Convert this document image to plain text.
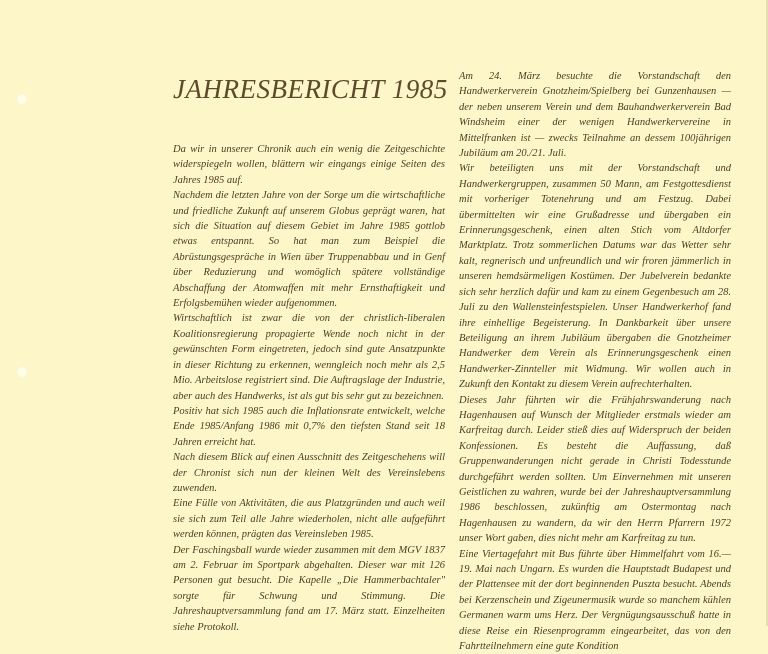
JAHRESBERICHT 1985

Da wir in unserer Chronik auch ein wenig die Zeitgeschichte widerspiegeln wollen, blättern wir eingangs einige Seiten des Jahres 1985 auf.

Nachdem die letzten Jahre von der Sorge um die wirtschaftliche und friedliche Zukunft auf unserem Globus geprägt waren, hat sich die Situation auf diesem Gebiet im Jahre 1985 gottlob etwas entspannt. So hat man zum Beispiel die Abrüstungsgespräche in Wien über Truppenabbau und in Genf über Reduzierung und womöglich spätere vollständige Abschaffung der Atomwaffen mit mehr Ernsthaftigkeit und Erfolgsbemühen wieder aufgenommen.

Wirtschaftlich ist zwar die von der christlich-liberalen Koalitionsregierung propagierte Wende noch nicht in der gewünschten Form eingetreten, jedoch sind gute Ansatzpunkte in dieser Richtung zu erkennen, wenngleich noch mehr als 2,5 Mio. Arbeitslose registriert sind. Die Auftragslage der Industrie, aber auch des Handwerks, ist als gut bis sehr gut zu bezeichnen.

Positiv hat sich 1985 auch die Inflationsrate entwickelt, welche Ende 1985/Anfang 1986 mit 0,7% den tiefsten Stand seit 18 Jahren erreicht hat.

Nach diesem Blick auf einen Ausschnitt des Zeitgeschehens will der Chronist sich nun der kleinen Welt des Vereinslebens zuwenden.

Eine Fülle von Aktivitäten, die aus Platzgründen und auch weil sie sich zum Teil alle Jahre wiederholen, nicht alle aufgeführt werden können, prägten das Vereinsleben 1985.

Der Faschingsball wurde wieder zusammen mit dem MGV 1837 am 2. Februar im Sportpark abgehalten. Dieser war mit 126 Personen gut besucht. Die Kapelle „Die Hammerbachtaler" sorgte für Schwung und Stimmung. Die Jahreshauptversammlung fand am 17. März statt. Einzelheiten siehe Protokoll.

Am 24. März besuchte die Vorstandschaft den Handwerkerverein Gnotzheim/Spielberg bei Gunzenhausen — der neben unserem Verein und dem Bauhandwerkerverein Bad Windsheim einer der wenigen Handwerkervereine in Mittelfranken ist — zwecks Teilnahme an dessem 100jährigen Jubiläum am 20./21. Juli.

Wir beteiligten uns mit der Vorstandschaft und Handwerkergruppen, zusammen 50 Mann, am Festgottesdienst mit vorheriger Totenehrung und am Festzug. Dabei übermittelten wir eine Grußadresse und übergaben ein Erinnerungsgeschenk, einen alten Stich vom Altdorfer Marktplatz. Trotz sommerlichen Datums war das Wetter sehr kalt, regnerisch und unfreundlich und wir froren jämmerlich in unseren hemdsärmeligen Kostümen. Der Jubelverein bedankte sich sehr herzlich dafür und kam zu einem Gegenbesuch am 28. Juli zu den Wallensteinfestspielen. Unser Handwerkerhof fand ihre einhellige Begeisterung. In Dankbarkeit über unsere Beteiligung an ihrem Jubiläum übergaben die Gnotzheimer Handwerker dem Verein als Erinnerungsgeschenk einen Handwerker-Zinnteller mit Widmung. Wir wollen auch in Zukunft den Kontakt zu diesem Verein aufrechterhalten.

Dieses Jahr führten wir die Frühjahrswanderung nach Hagenhausen auf Wunsch der Mitglieder erstmals wieder am Karfreitag durch. Leider stieß dies auf Widerspruch der beiden Konfessionen. Es besteht die Auffassung, daß Gruppenwanderungen nicht gerade in Christi Todesstunde durchgeführt werden sollten. Um Einvernehmen mit unseren Geistlichen zu wahren, wurde bei der Jahreshauptversammlung 1986 beschlossen, zukünftig am Ostermontag nach Hagenhausen zu wandern, da wir den Herrn Pfarrern 1972 unser Wort gaben, dies nicht mehr am Karfreitag zu tun.

Eine Viertagefahrt mit Bus führte über Himmelfahrt vom 16.—19. Mai nach Ungarn. Es wurden die Hauptstadt Budapest und der Plattensee mit der dort beginnenden Puszta besucht. Abends bei Kerzenschein und Zigeunermusik wurde so manchem kühlen Germanen warm ums Herz. Der Vergnügungsausschuß hatte in diese Reise ein Riesenprogramm eingearbeitet, das von den Fahrtteilnehmern eine gute Kondition
